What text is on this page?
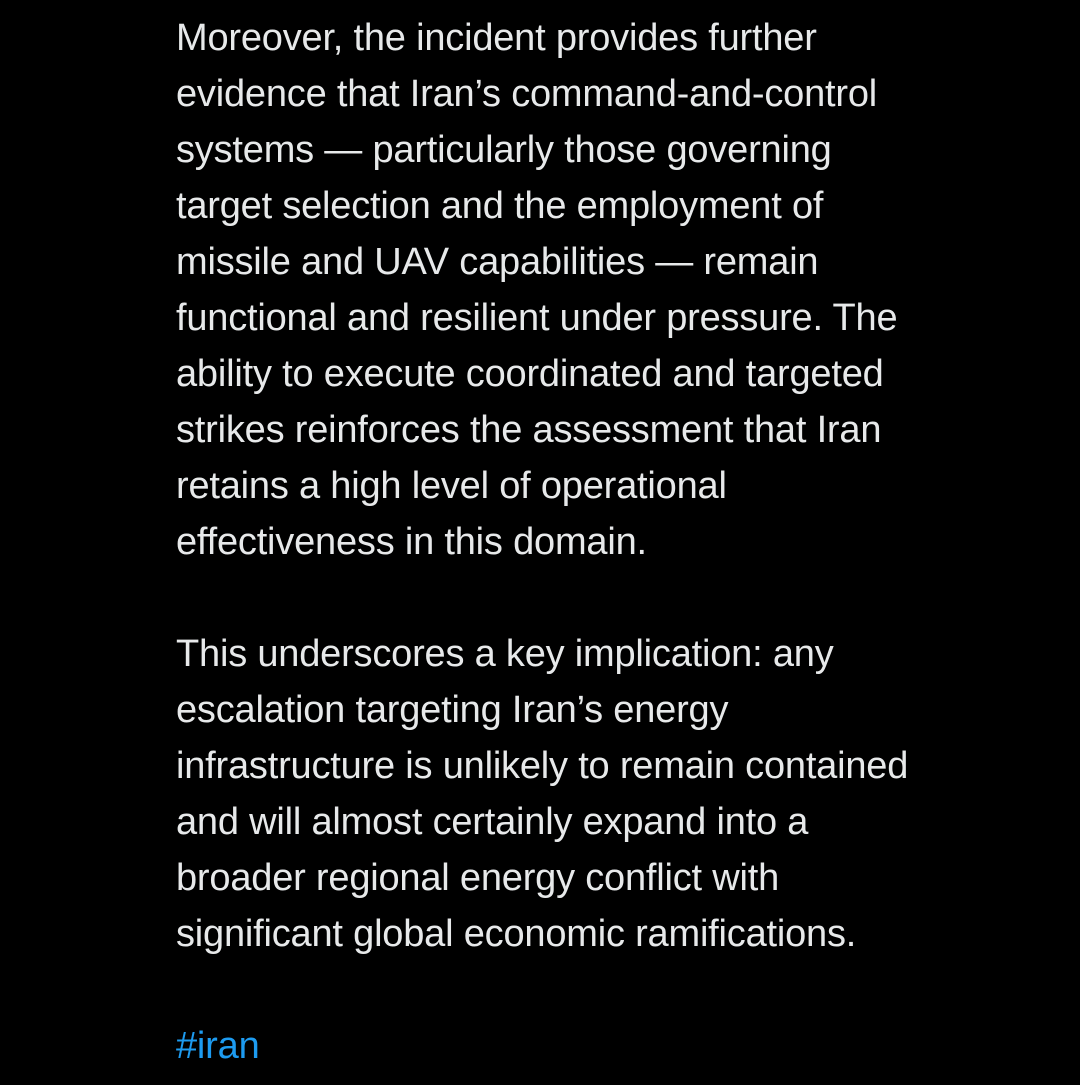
Moreover, the incident provides further
evidence that Iran’s command-and-control
systems — particularly those governing
target selection and the employment of
missile and UAV capabilities — remain
functional and resilient under pressure. The
ability to execute coordinated and targeted
strikes reinforces the assessment that Iran
retains a high level of operational
effectiveness in this domain.
This underscores a key implication: any
escalation targeting Iran’s energy
infrastructure is unlikely to remain contained
and will almost certainly expand into a
broader regional energy conflict with
significant global economic ramifications.
#iran
